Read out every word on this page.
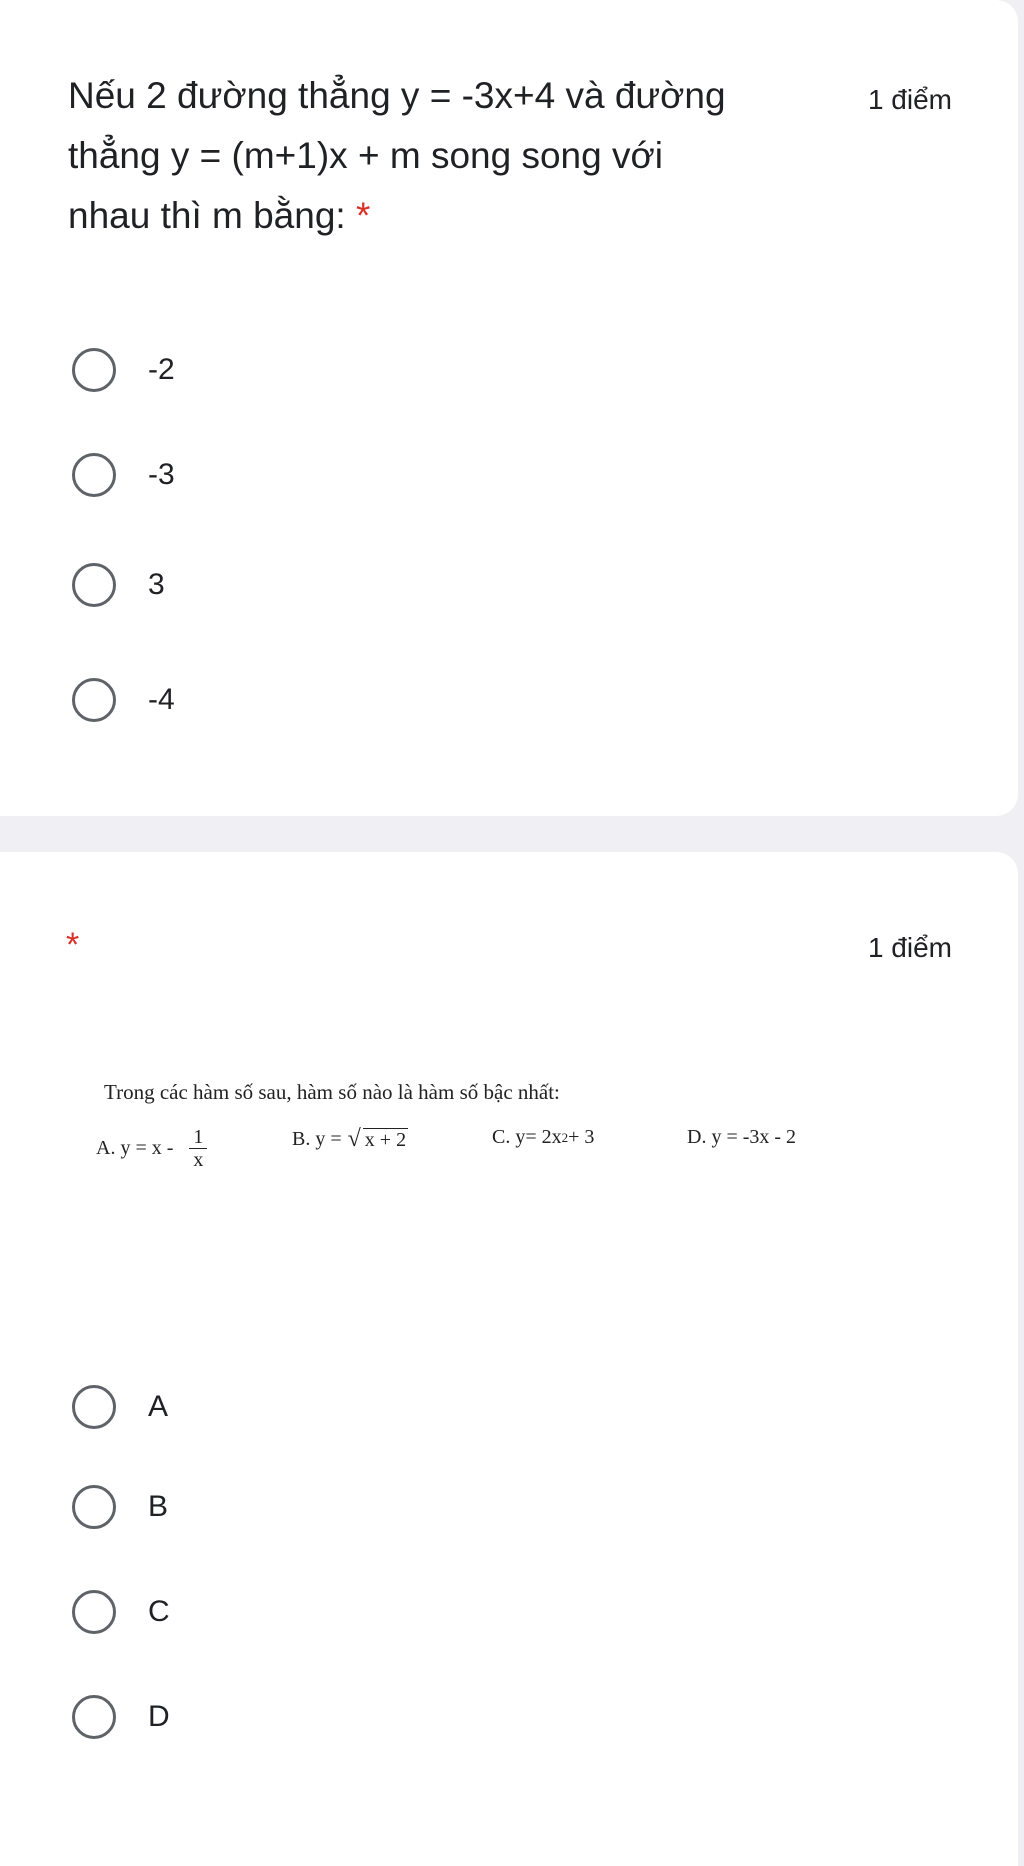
Nếu 2 đường thẳng y = -3x+4 và đường thẳng y = (m+1)x + m song song với nhau thì m bằng: *

1 điểm
-2
-3
3
-4
*	1 điểm
Trong các hàm số sau, hàm số nào là hàm số bậc nhất:
A. $y = x - \frac{1}{x}$	B. y = √ x + 2	C. y= 2x 2 + 3	D. y = -3x - 2
A
B
C
D
